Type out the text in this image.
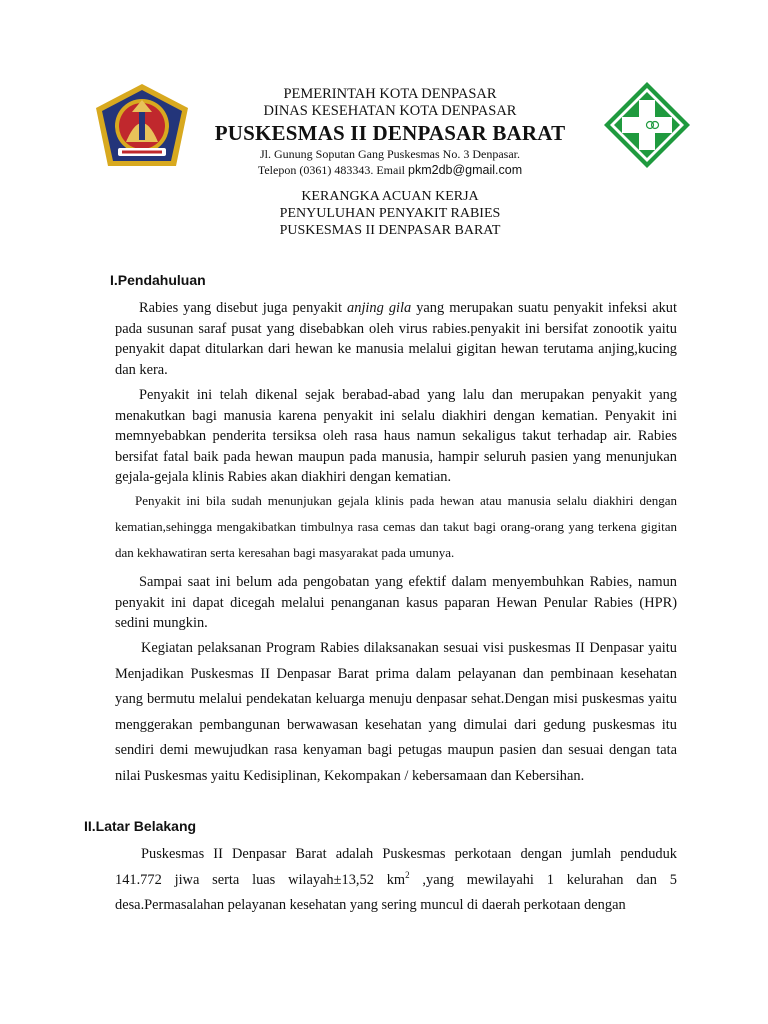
PEMERINTAH KOTA DENPASAR
DINAS KESEHATAN KOTA DENPASAR
PUSKESMAS II DENPASAR BARAT
Jl. Gunung Soputan Gang Puskesmas No. 3 Denpasar.
Telepon (0361) 483343. Email pkm2db@gmail.com
KERANGKA ACUAN KERJA
PENYULUHAN PENYAKIT RABIES
PUSKESMAS II DENPASAR BARAT
I.Pendahuluan
Rabies yang disebut juga penyakit anjing gila yang merupakan suatu penyakit infeksi akut pada susunan saraf pusat yang disebabkan oleh virus rabies.penyakit ini bersifat zonootik yaitu penyakit dapat ditularkan dari hewan ke manusia melalui gigitan hewan terutama anjing,kucing dan kera.
Penyakit ini telah dikenal sejak berabad-abad yang lalu dan merupakan penyakit yang menakutkan bagi manusia karena penyakit ini selalu diakhiri dengan kematian. Penyakit ini memnyebabkan penderita tersiksa oleh rasa haus namun sekaligus takut terhadap air. Rabies bersifat fatal baik pada hewan maupun pada manusia, hampir seluruh pasien yang menunjukan gejala-gejala klinis Rabies akan diakhiri dengan kematian.
Penyakit ini bila sudah menunjukan gejala klinis pada hewan atau manusia selalu diakhiri dengan kematian,sehingga mengakibatkan timbulnya rasa cemas dan takut bagi orang-orang yang terkena gigitan dan kekhawatiran serta keresahan bagi masyarakat pada umunya.
Sampai saat ini belum ada pengobatan yang efektif dalam menyembuhkan Rabies, namun penyakit ini dapat dicegah melalui penanganan kasus paparan Hewan Penular Rabies (HPR) sedini mungkin.
Kegiatan pelaksanan Program Rabies dilaksanakan sesuai visi puskesmas II Denpasar yaitu Menjadikan Puskesmas II Denpasar Barat prima dalam pelayanan dan pembinaan kesehatan yang bermutu melalui pendekatan keluarga menuju denpasar sehat.Dengan misi puskesmas yaitu menggerakan pembangunan berwawasan kesehatan yang dimulai dari gedung puskesmas itu sendiri demi mewujudkan rasa kenyaman bagi petugas maupun pasien dan sesuai dengan tata nilai Puskesmas yaitu Kedisiplinan, Kekompakan / kebersamaan dan Kebersihan.
II.Latar Belakang
Puskesmas II Denpasar Barat adalah Puskesmas perkotaan dengan jumlah penduduk 141.772 jiwa serta luas wilayah±13,52 $km^2$ ,yang mewilayahi 1 kelurahan dan 5 desa.Permasalahan pelayanan kesehatan yang sering muncul di daerah perkotaan dengan
